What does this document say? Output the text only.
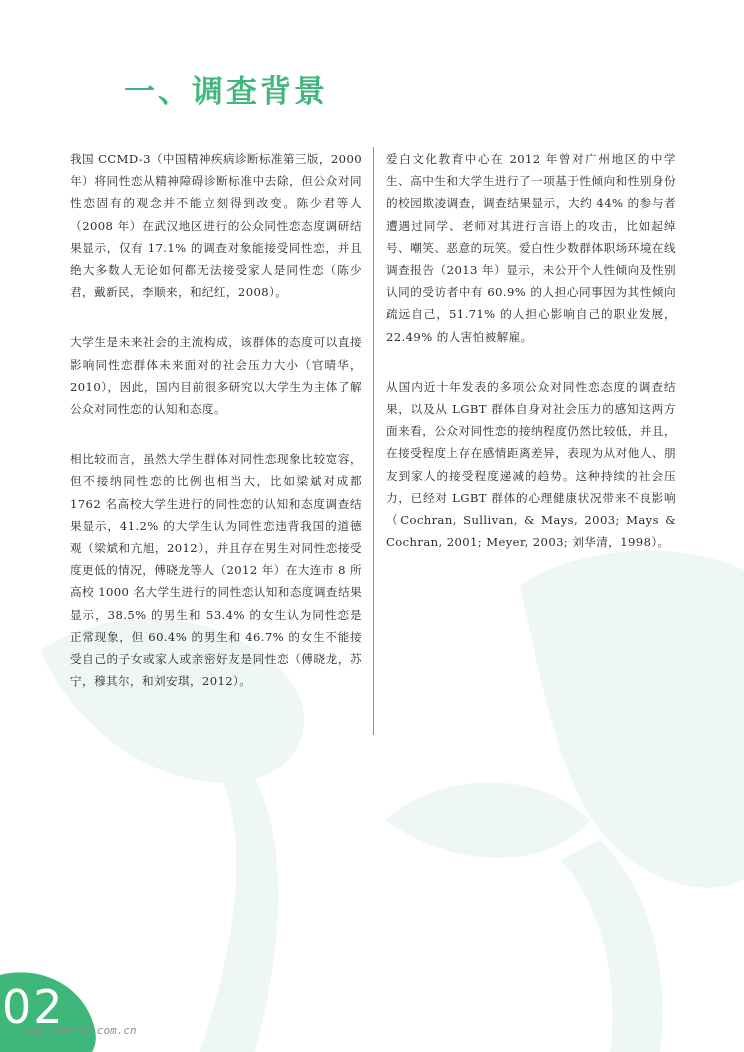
一、调查背景

我国 CCMD-3（中国精神疾病诊断标准第三版，2000 年）将同性恋从精神障碍诊断标准中去除，但公众对同性恋固有的观念并不能立刻得到改变。陈少君等人（2008 年）在武汉地区进行的公众同性恋态度调研结果显示，仅有 17.1% 的调查对象能接受同性恋，并且绝大多数人无论如何都无法接受家人是同性恋（陈少君，戴新民，李顺来，和纪红，2008）。

大学生是未来社会的主流构成，该群体的态度可以直接影响同性恋群体未来面对的社会压力大小（官晴华，2010），因此，国内目前很多研究以大学生为主体了解公众对同性恋的认知和态度。

相比较而言，虽然大学生群体对同性恋现象比较宽容，但不接纳同性恋的比例也相当大，比如梁斌对成都 1762 名高校大学生进行的同性恋的认知和态度调查结果显示，41.2% 的大学生认为同性恋违背我国的道德观（梁斌和亢旭，2012），并且存在男生对同性恋接受度更低的情况，傅晓龙等人（2012 年）在大连市 8 所高校 1000 名大学生进行的同性恋认知和态度调查结果显示，38.5% 的男生和 53.4% 的女生认为同性恋是正常现象，但 60.4% 的男生和 46.7% 的女生不能接受自己的子女或家人或亲密好友是同性恋（傅晓龙，苏宁，穆其尔，和刘安琪，2012）。

爱白文化教育中心在 2012 年曾对广州地区的中学生、高中生和大学生进行了一项基于性倾向和性别身份的校园欺凌调查，调查结果显示，大约 44% 的参与者遭遇过同学、老师对其进行言语上的攻击，比如起绰号、嘲笑、恶意的玩笑。爱白性少数群体职场环境在线调查报告（2013 年）显示，未公开个人性倾向及性别认同的受访者中有 60.9% 的人担心同事因为其性倾向疏远自己，51.71% 的人担心影响自己的职业发展，22.49% 的人害怕被解雇。

从国内近十年发表的多项公众对同性恋态度的调查结果，以及从 LGBT 群体自身对社会压力的感知这两方面来看，公众对同性恋的接纳程度仍然比较低，并且，在接受程度上存在感情距离差异，表现为从对他人、朋友到家人的接受程度递减的趋势。这种持续的社会压力，已经对 LGBT 群体的心理健康状况带来不良影响（Cochran, Sullivan, & Mays, 2003; Mays & Cochran, 2001; Meyer, 2003; 刘华清，1998）。

02
www.weezit.com.cn
